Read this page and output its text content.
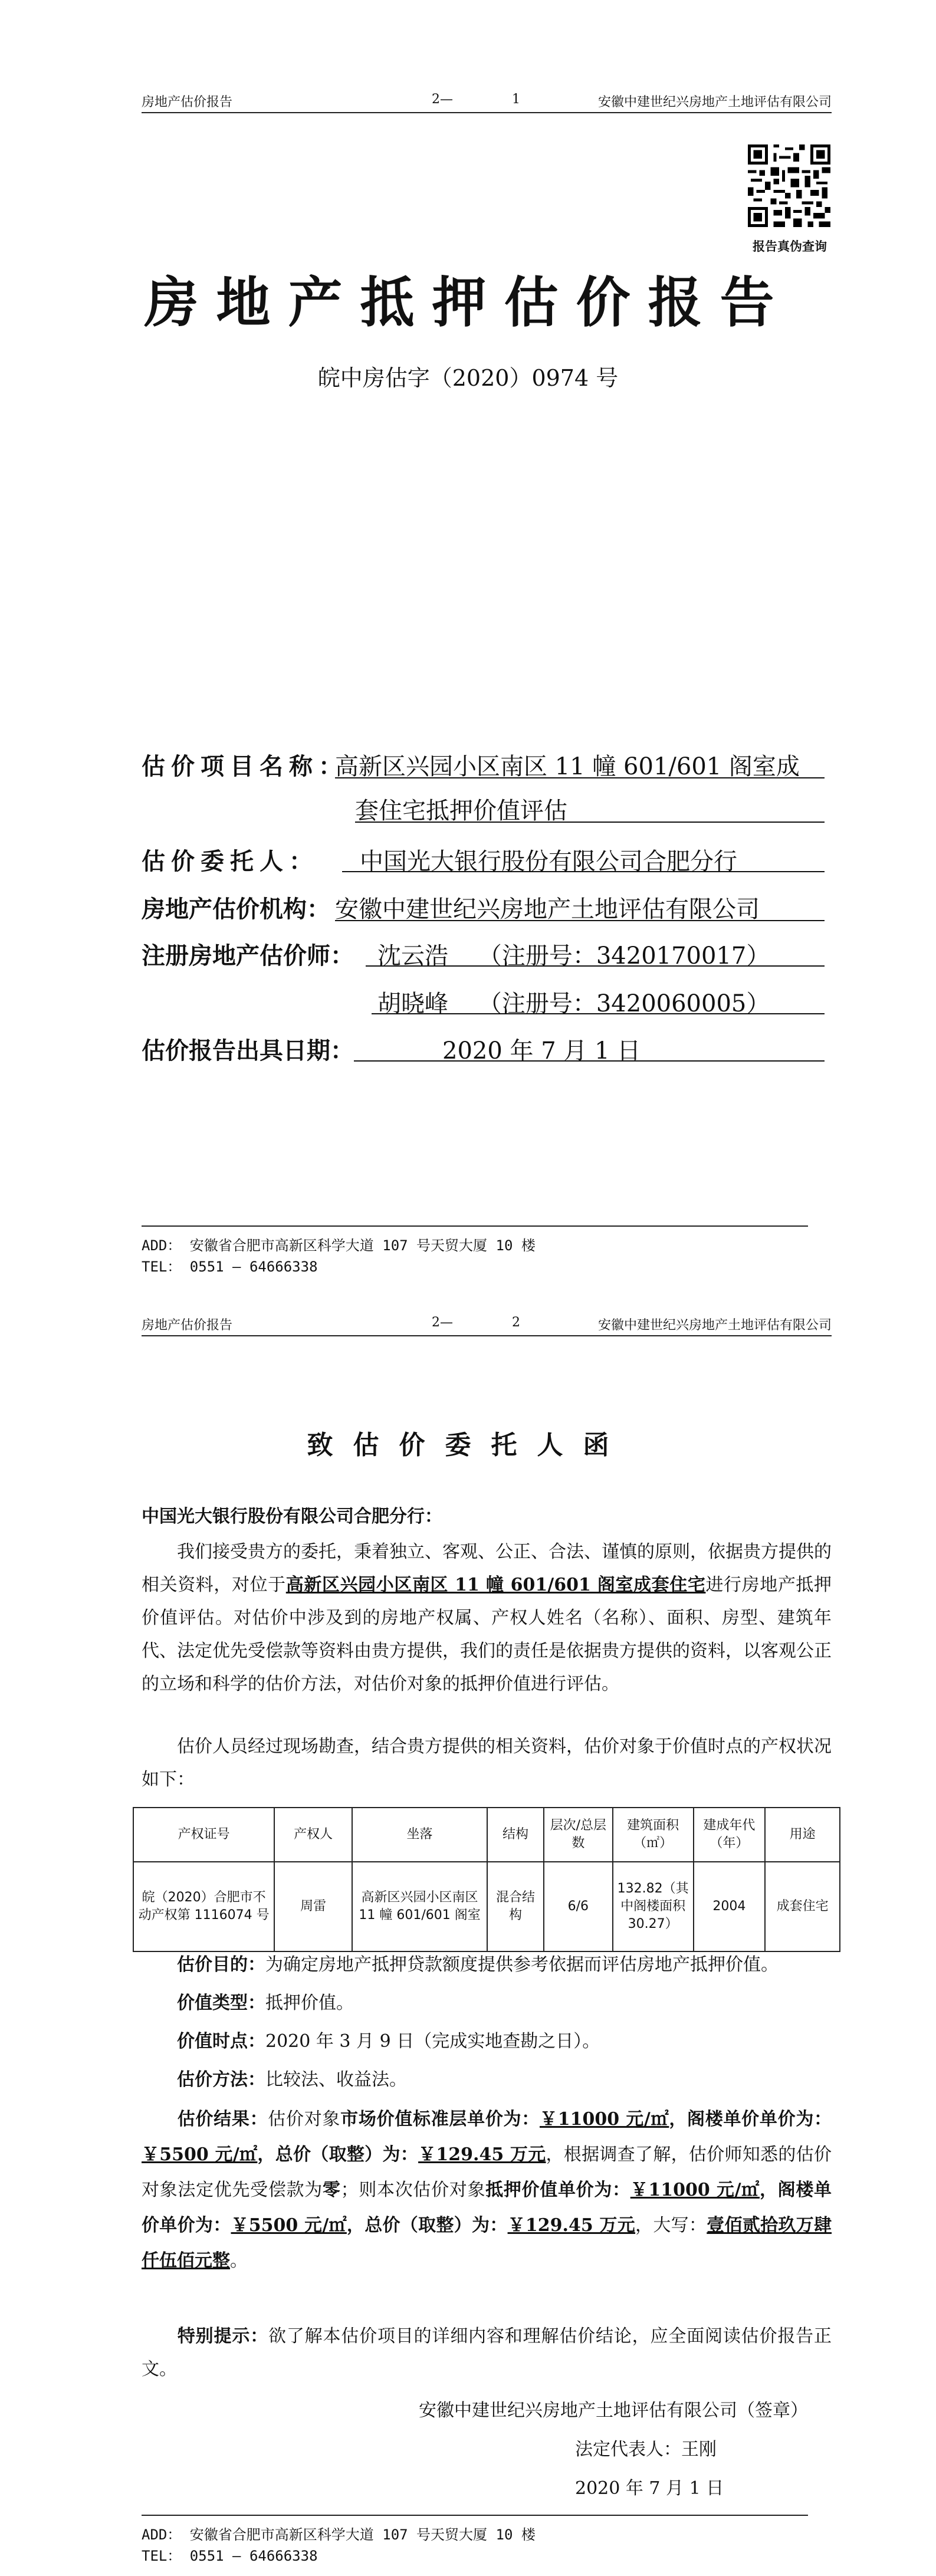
房地产估价报告	2—	1	安徽中建世纪兴房地产土地评估有限公司
报告真伪查询
房地产抵押估价报告
皖中房估字（2020）0974 号
估价项目名称：
高新区兴园小区南区 11 幢 601/601 阁室成
套住宅抵押价值评估
估价委托人：	中国光大银行股份有限公司合肥分行
房地产估价机构： 安徽中建世纪兴房地产土地评估有限公司
注册房地产估价师：	沈云浩    （注册号：3420170017）
胡晓峰    （注册号：3420060005）
估价报告出具日期：	2020 年 7 月 1 日
ADD： 安徽省合肥市高新区科学大道 107 号天贸大厦 10 楼
TEL： 0551 — 64666338
房地产估价报告	2—	2	安徽中建世纪兴房地产土地评估有限公司
致估价委托人函
中国光大银行股份有限公司合肥分行：
我们接受贵方的委托，秉着独立、客观、公正、合法、谨慎的原则，依据贵方提供的相关资料，对位于高新区兴园小区南区 11 幢 601/601 阁室成套住宅进行房地产抵押价值评估。对估价中涉及到的房地产权属、产权人姓名（名称）、面积、房型、建筑年代、法定优先受偿款等资料由贵方提供，我们的责任是依据贵方提供的资料，以客观公正的立场和科学的估价方法，对估价对象的抵押价值进行评估。
估价人员经过现场勘查，结合贵方提供的相关资料，估价对象于价值时点的产权状况如下：
产权证号	产权人	坐落	结构	层次/总层数	建筑面积（㎡）	建成年代（年）	用途
皖（2020）合肥市不动产权第 1116074 号	周雷	高新区兴园小区南区 11 幢 601/601 阁室	混合结构	6/6	132.82（其中阁楼面积 30.27）	2004	成套住宅
估价目的：为确定房地产抵押贷款额度提供参考依据而评估房地产抵押价值。
价值类型：抵押价值。
价值时点：2020 年 3 月 9 日（完成实地查勘之日）。
估价方法：比较法、收益法。
估价结果：估价对象市场价值标准层单价为：￥11000 元/㎡，阁楼单价单价为：￥5500 元/㎡，总价（取整）为：￥129.45 万元，根据调查了解，估价师知悉的估价对象法定优先受偿款为零；则本次估价对象抵押价值单价为：￥11000 元/㎡，阁楼单价单价为：￥5500 元/㎡，总价（取整）为：￥129.45 万元，大写：壹佰贰拾玖万肆仟伍佰元整。
特别提示：欲了解本估价项目的详细内容和理解估价结论，应全面阅读估价报告正文。
安徽中建世纪兴房地产土地评估有限公司（签章）
法定代表人：王刚
2020 年 7 月 1 日
ADD： 安徽省合肥市高新区科学大道 107 号天贸大厦 10 楼
TEL： 0551 — 64666338
